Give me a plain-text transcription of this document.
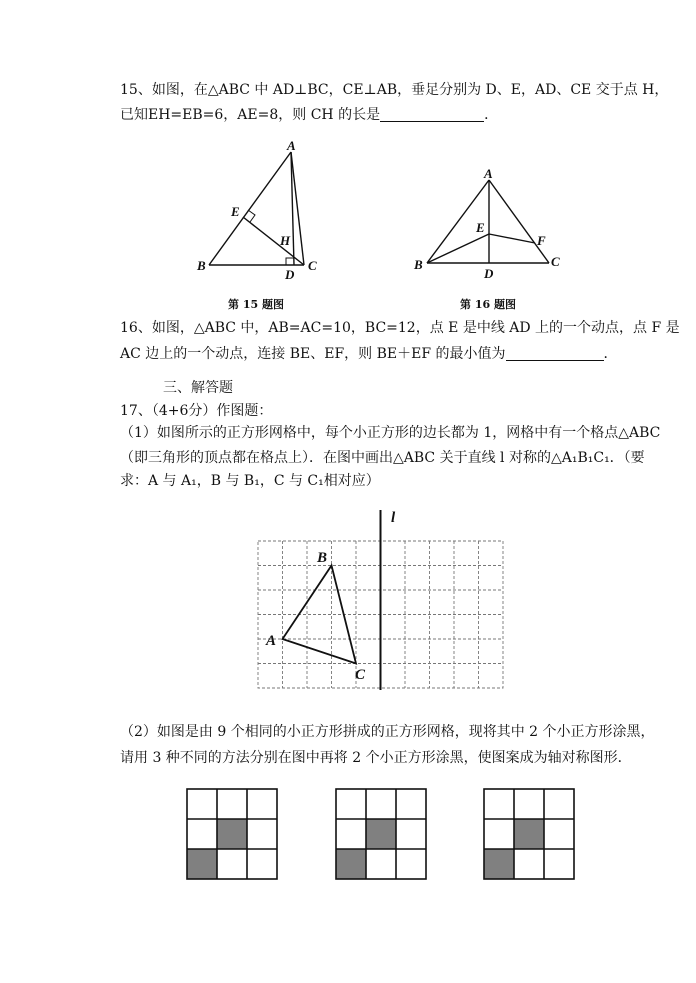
15、如图，在△ABC 中 AD⊥BC，CE⊥AB，垂足分别为 D、E，AD、CE 交于点 H，
已知EH=EB=6，AE=8，则 CH 的长是	．
A
B	C
D
E
H
A
B	C
D
E
F
第 15 题图	第 16 题图
16、如图，△ABC 中，AB=AC=10，BC=12，点 E 是中线 AD 上的一个动点，点 F 是
AC 边上的一个动点，连接 BE、EF，则 BE＋EF 的最小值为	．
三、解答题
17、（4+6分）作图题：
（1）如图所示的正方形网格中，每个小正方形的边长都为 1，网格中有一个格点△ABC
（即三角形的顶点都在格点上）．在图中画出△ABC 关于直线 l 对称的△A₁B₁C₁．（要
求：A 与 A₁，B 与 B₁，C 与 C₁相对应）
l
A
B
C
（2）如图是由 9 个相同的小正方形拼成的正方形网格，现将其中 2 个小正方形涂黑，
请用 3 种不同的方法分别在图中再将 2 个小正方形涂黑，使图案成为轴对称图形．
